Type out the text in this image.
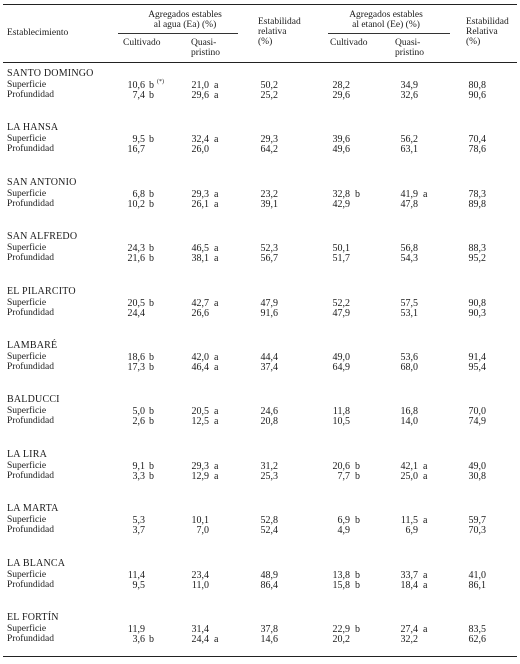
Establecimiento
Agregados estables
al agua (Ea) (%)
Cultivado	Quasi-
pristino
Estabilidad
relativa
(%)
Agregados estables
al etanol (Ee) (%)
Cultivado	Quasi-
pristino
Estabilidad
Relativa
(%)
SANTO DOMINGO
Superficie	10,6 b (*)	21,0 a	50,2	28,2	34,9	80,8
Profundidad	7,4 b	29,6 a	25,2	29,6	32,6	90,6
LA HANSA
Superficie	9,5 b	32,4 a	29,3	39,6	56,2	70,4
Profundidad	16,7	26,0	64,2	49,6	63,1	78,6
SAN ANTONIO
Superficie	6,8 b	29,3 a	23,2	32,8 b	41,9 a	78,3
Profundidad	10,2 b	26,1 a	39,1	42,9	47,8	89,8
SAN ALFREDO
Superficie	24,3 b	46,5 a	52,3	50,1	56,8	88,3
Profundidad	21,6 b	38,1 a	56,7	51,7	54,3	95,2
EL PILARCITO
Superficie	20,5 b	42,7 a	47,9	52,2	57,5	90,8
Profundidad	24,4	26,6	91,6	47,9	53,1	90,3
LAMBARÉ
Superficie	18,6 b	42,0 a	44,4	49,0	53,6	91,4
Profundidad	17,3 b	46,4 a	37,4	64,9	68,0	95,4
BALDUCCI
Superficie	5,0 b	20,5 a	24,6	11,8	16,8	70,0
Profundidad	2,6 b	12,5 a	20,8	10,5	14,0	74,9
LA LIRA
Superficie	9,1 b	29,3 a	31,2	20,6 b	42,1 a	49,0
Profundidad	3,3 b	12,9 a	25,3	7,7 b	25,0 a	30,8
LA MARTA
Superficie	5,3	10,1	52,8	6,9 b	11,5 a	59,7
Profundidad	3,7	7,0	52,4	4,9	6,9	70,3
LA BLANCA
Superficie	11,4	23,4	48,9	13,8 b	33,7 a	41,0
Profundidad	9,5	11,0	86,4	15,8 b	18,4 a	86,1
EL FORTÍN
Superficie	11,9	31,4	37,8	22,9 b	27,4 a	83,5
Profundidad	3,6 b	24,4 a	14,6	20,2	32,2	62,6
